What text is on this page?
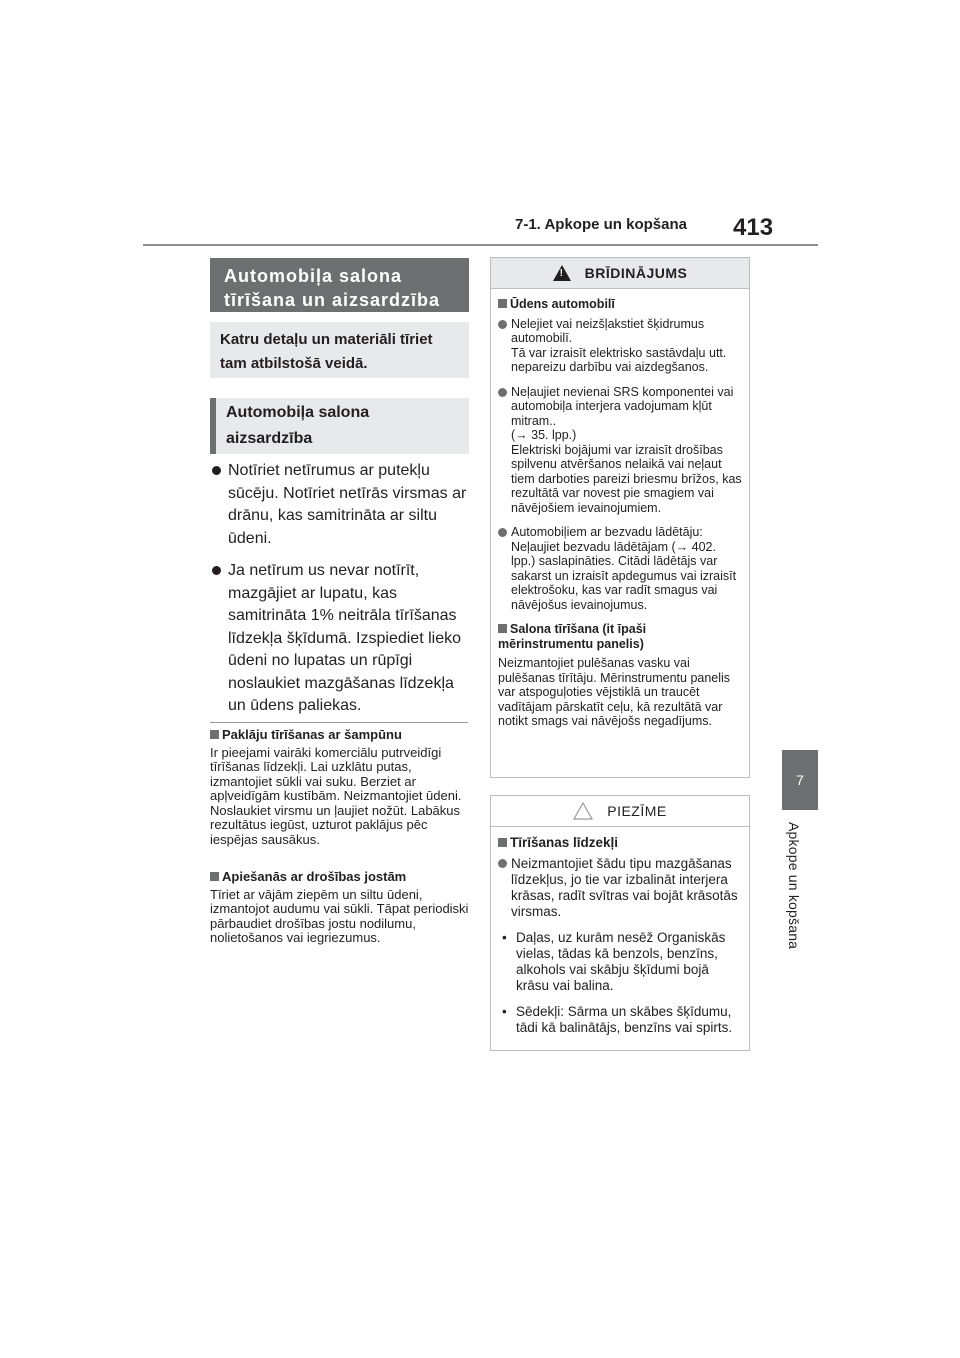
7-1. Apkope un kopšana 413
7
Apkope un kopšana
Automobiļa salona tīrīšana un aizsardzība
Katru detaļu un materiāli tīriet tam atbilstošā veidā.
Automobiļa salona aizsardzība
Notīriet netīrumus ar putekļu sūcēju. Notīriet netīrās virsmas ar drānu, kas samitrināta ar siltu ūdeni.
Ja netīrum us nevar notīrīt, mazgājiet ar lupatu, kas samitrināta 1% neitrāla tīrīšanas līdzekļa šķīdumā. Izspiediet lieko ūdeni no lupatas un rūpīgi noslaukiet mazgāšanas līdzekļa un ūdens paliekas.
Paklāju tīrīšanas ar šampūnu
Ir pieejami vairāki komerciālu putrveidīgi tīrīšanas līdzekļi. Lai uzklātu putas, izmantojiet sūkli vai suku. Berziet ar apļveidīgām kustībām. Neizmantojiet ūdeni. Noslaukiet virsmu un ļaujiet nožūt. Labākus rezultātus iegūst, uzturot paklājus pēc iespējas sausākus.
Apiešanās ar drošības jostām
Tīriet ar vājām ziepēm un siltu ūdeni, izmantojot audumu vai sūkli. Tāpat periodiski pārbaudiet drošības jostu nodilumu, nolietošanos vai iegriezumus.
! BRĪDINĀJUMS
Ūdens automobilī
Nelejiet vai neizšļakstiet šķidrumus automobilī.
Tā var izraisīt elektrisko sastāvdaļu utt. nepareizu darbību vai aizdegšanos.
Neļaujiet nevienai SRS komponentei vai automobiļa interjera vadojumam kļūt mitram..
(→ 35. lpp.)
Elektriski bojājumi var izraisīt drošības spilvenu atvēršanos nelaikā vai neļaut tiem darboties pareizi briesmu brīžos, kas rezultātā var novest pie smagiem vai nāvējošiem ievainojumiem.
Automobiļiem ar bezvadu lādētāju:
Neļaujiet bezvadu lādētājam (→ 402. lpp.) saslapināties. Citādi lādētājs var sakarst un izraisīt apdegumus vai izraisīt elektrošoku, kas var radīt smagus vai nāvējošus ievainojumus.
Salona tīrīšana (it īpaši mērinstrumentu panelis)
Neizmantojiet pulēšanas vasku vai pulēšanas tīrītāju. Mērinstrumentu panelis var atspoguļoties vējstiklā un traucēt vadītājam pārskatīt ceļu, kā rezultātā var notikt smags vai nāvējošs negadījums.
PIEZĪME
Tīrīšanas līdzekļi
Neizmantojiet šādu tipu mazgāšanas līdzekļus, jo tie var izbalināt interjera krāsas, radīt svītras vai bojāt krāsotās virsmas.
• Daļas, uz kurām nesēž Organiskās vielas, tādas kā benzols, benzīns, alkohols vai skābju šķīdumi bojā krāsu vai balina.
• Sēdekļi: Sārma un skābes šķīdumu, tādi kā balinātājs, benzīns vai spirts.
